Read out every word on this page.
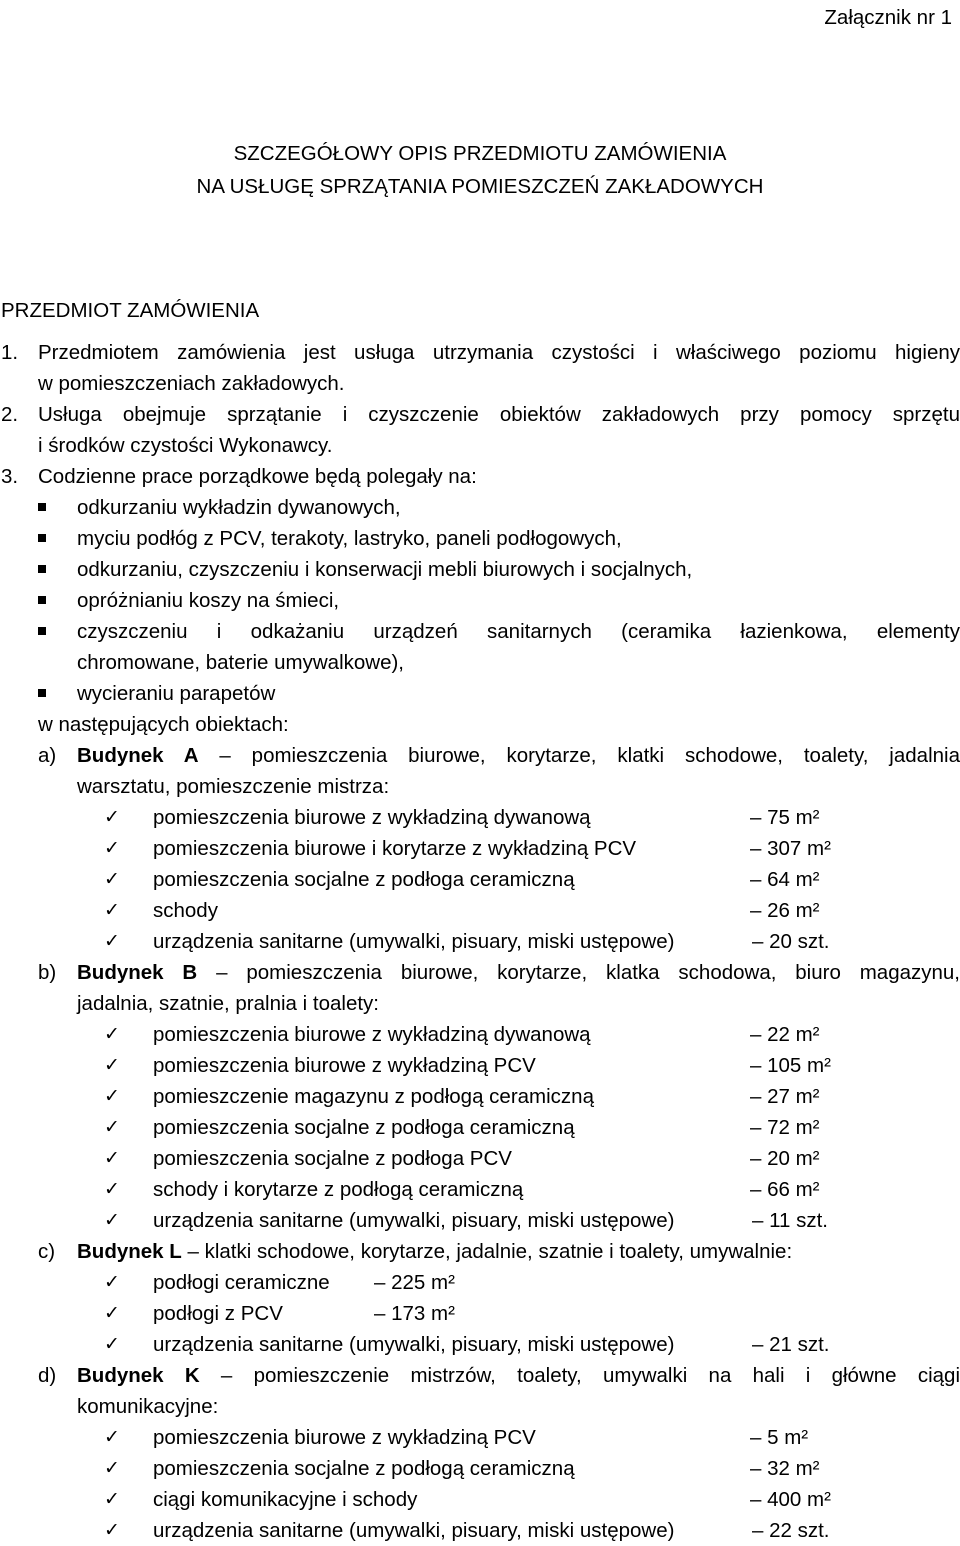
Załącznik nr 1
SZCZEGÓŁOWY OPIS PRZEDMIOTU ZAMÓWIENIA
NA USŁUGĘ SPRZĄTANIA POMIESZCZEŃ ZAKŁADOWYCH
PRZEDMIOT ZAMÓWIENIA
1. Przedmiotem zamówienia jest usługa utrzymania czystości i właściwego poziomu higieny
w pomieszczeniach zakładowych.
2. Usługa obejmuje sprzątanie i czyszczenie obiektów zakładowych przy pomocy sprzętu
i środków czystości Wykonawcy.
3. Codzienne prace porządkowe będą polegały na:
odkurzaniu wykładzin dywanowych,
myciu podłóg z PCV, terakoty, lastryko, paneli podłogowych,
odkurzaniu, czyszczeniu i konserwacji mebli biurowych i socjalnych,
opróżnianiu koszy na śmieci,
czyszczeniu i odkażaniu urządzeń sanitarnych (ceramika łazienkowa, elementy
chromowane, baterie umywalkowe),
wycieraniu parapetów
w następujących obiektach:
a) Budynek A – pomieszczenia biurowe, korytarze, klatki schodowe, toalety, jadalnia
warsztatu, pomieszczenie mistrza:
✓ pomieszczenia biurowe z wykładziną dywanową	– 75 m²
✓ pomieszczenia biurowe i korytarze z wykładziną PCV	– 307 m²
✓ pomieszczenia socjalne z podłoga ceramiczną	– 64 m²
✓ schody	– 26 m²
✓ urządzenia sanitarne (umywalki, pisuary, miski ustępowe)	– 20 szt.
b) Budynek B – pomieszczenia biurowe, korytarze, klatka schodowa, biuro magazynu,
jadalnia, szatnie, pralnia i toalety:
✓ pomieszczenia biurowe z wykładziną dywanową	– 22 m²
✓ pomieszczenia biurowe z wykładziną PCV	– 105 m²
✓ pomieszczenie magazynu z podłogą ceramiczną	– 27 m²
✓ pomieszczenia socjalne z podłoga ceramiczną	– 72 m²
✓ pomieszczenia socjalne z podłoga PCV	– 20 m²
✓ schody i korytarze z podłogą ceramiczną	– 66 m²
✓ urządzenia sanitarne (umywalki, pisuary, miski ustępowe)	– 11 szt.
c) Budynek L – klatki schodowe, korytarze, jadalnie, szatnie i toalety, umywalnie:
✓ podłogi ceramiczne – 225 m²
✓ podłogi z PCV	– 173 m²
✓ urządzenia sanitarne (umywalki, pisuary, miski ustępowe)	– 21 szt.
d) Budynek K – pomieszczenie mistrzów, toalety, umywalki na hali i główne ciągi
komunikacyjne:
✓ pomieszczenia biurowe z wykładziną PCV	– 5 m²
✓ pomieszczenia socjalne z podłogą ceramiczną	– 32 m²
✓ ciągi komunikacyjne i schody	– 400 m²
✓ urządzenia sanitarne (umywalki, pisuary, miski ustępowe)	– 22 szt.
